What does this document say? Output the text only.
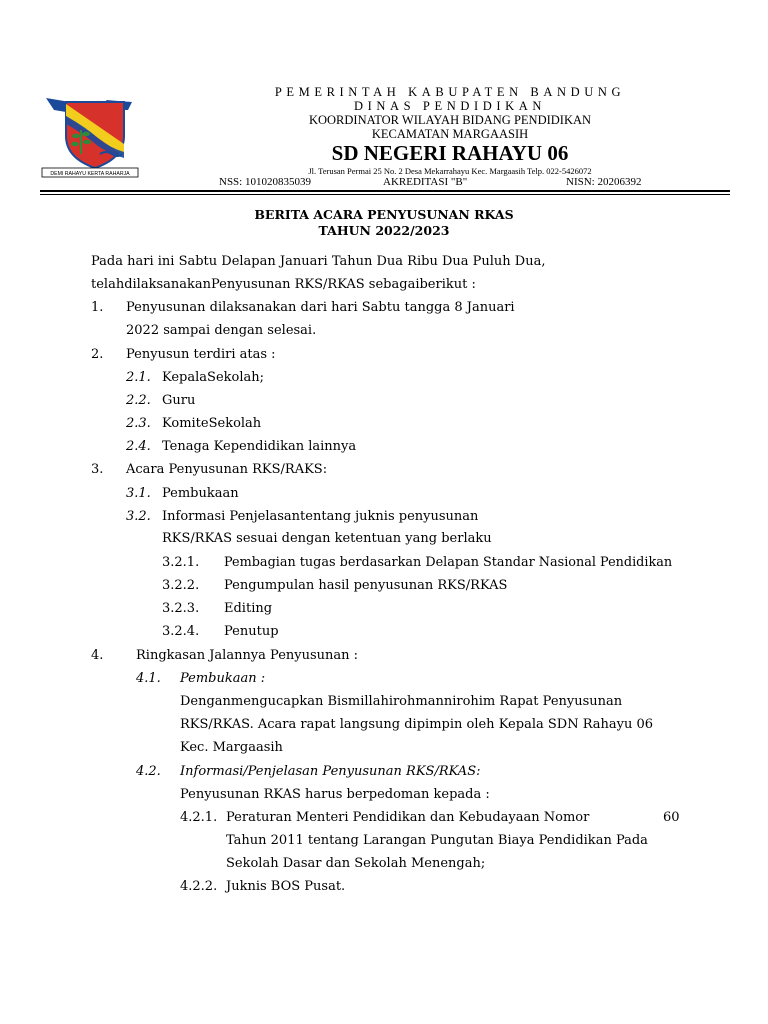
DEMI RAHAYU KERTA RAHARJA
PEMERINTAH KABUPATEN BANDUNG
DINAS PENDIDIKAN
KOORDINATOR WILAYAH BIDANG PENDIDIKAN
KECAMATAN MARGAASIH
SD NEGERI RAHAYU 06
Jl. Terusan Permai 25 No. 2 Desa Mekarrahayu Kec. Margaasih Telp. 022-5426072
NSS: 101020835039	AKREDITASI "B"	NISN: 20206392
BERITA ACARA PENYUSUNAN RKAS
TAHUN 2022/2023
Pada hari ini Sabtu Delapan Januari Tahun Dua Ribu Dua Puluh Dua,
telahdilaksanakanPenyusunan RKS/RKAS sebagaiberikut :
1. Penyusunan dilaksanakan dari hari Sabtu tangga 8 Januari
2022 sampai dengan selesai.
2. Penyusun terdiri atas :
2.1. KepalaSekolah;
2.2. Guru
2.3. KomiteSekolah
2.4. Tenaga Kependidikan lainnya
3. Acara Penyusunan RKS/RAKS:
3.1. Pembukaan
3.2. Informasi Penjelasantentang juknis penyusunan
RKS/RKAS sesuai dengan ketentuan yang berlaku
3.2.1. Pembagian tugas berdasarkan Delapan Standar Nasional Pendidikan
3.2.2. Pengumpulan hasil penyusunan RKS/RKAS
3.2.3. Editing
3.2.4. Penutup
4.	Ringkasan Jalannya Penyusunan :
4.1. Pembukaan :
Denganmengucapkan Bismillahirohmannirohim Rapat Penyusunan
RKS/RKAS. Acara rapat langsung dipimpin oleh Kepala SDN Rahayu 06
Kec. Margaasih
4.2. Informasi/Penjelasan Penyusunan RKS/RKAS:
Penyusunan RKAS harus berpedoman kepada :
4.2.1. Peraturan Menteri Pendidikan dan Kebudayaan Nomor	60
Tahun 2011 tentang Larangan Pungutan Biaya Pendidikan Pada
Sekolah Dasar dan Sekolah Menengah;
4.2.2. Juknis BOS Pusat.
